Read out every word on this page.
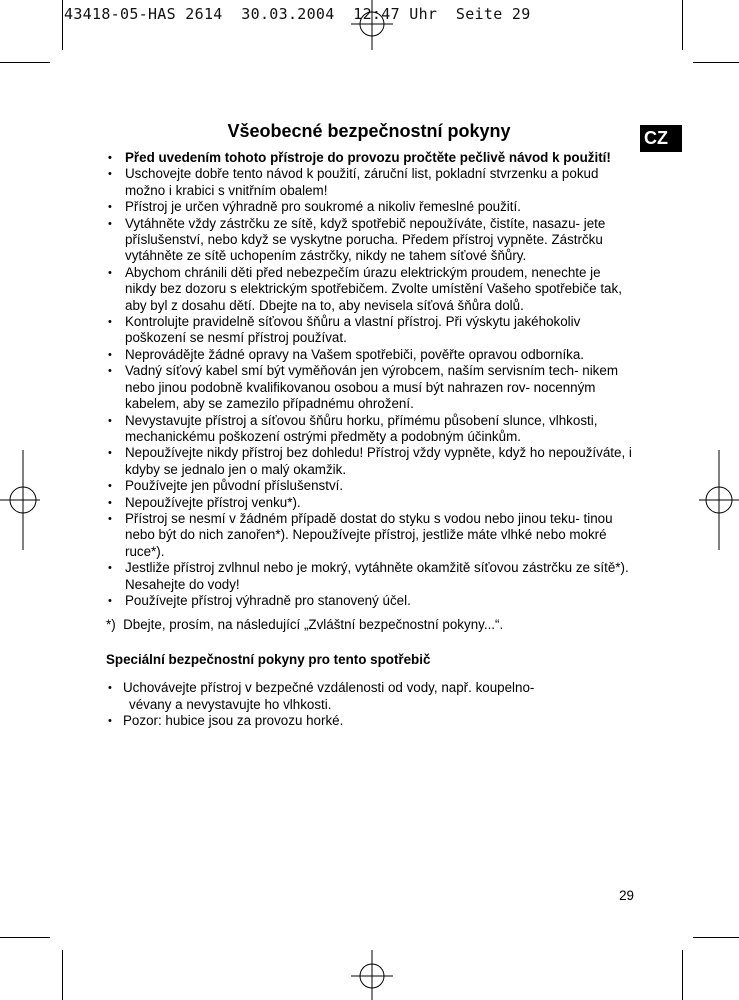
43418-05-HAS 2614  30.03.2004  12:47 Uhr  Seite 29
CZ
Všeobecné bezpečnostní pokyny
• Před uvedením tohoto přístroje do provozu pročtěte pečlivě návod k použití!
• Uschovejte dobře tento návod k použití, záruční list, pokladní stvrzenku a pokud možno i krabici s vnitřním obalem!
• Přístroj je určen výhradně pro soukromé a nikoliv řemeslné použití.
• Vytáhněte vždy zástrčku ze sítě, když spotřebič nepoužíváte, čistíte, nasazu- jete příslušenství, nebo když se vyskytne porucha. Předem přístroj vypněte. Zástrčku vytáhněte ze sítě uchopením zástrčky, nikdy ne tahem síťové šňůry.
• Abychom chránili děti před nebezpečím úrazu elektrickým proudem, nenechte je nikdy bez dozoru s elektrickým spotřebičem. Zvolte umístění Vašeho spotřebiče tak, aby byl z dosahu dětí. Dbejte na to, aby nevisela síťová šňůra dolů.
• Kontrolujte pravidelně síťovou šňůru a vlastní přístroj. Při výskytu jakéhokoliv poškození se nesmí přístroj používat.
• Neprovádějte žádné opravy na Vašem spotřebiči, pověřte opravou odborníka.
• Vadný síťový kabel smí být vyměňován jen výrobcem, naším servisním tech- nikem nebo jinou podobně kvalifikovanou osobou a musí být nahrazen rov- nocenným kabelem, aby se zamezilo případnému ohrožení.
• Nevystavujte přístroj a síťovou šňůru horku, přímému působení slunce, vlhkosti, mechanickému poškození ostrými předměty a podobným účinkům.
• Nepoužívejte nikdy přístroj bez dohledu! Přístroj vždy vypněte, když ho nepoužíváte, i kdyby se jednalo jen o malý okamžik.
• Používejte jen původní příslušenství.
• Nepoužívejte přístroj venku*).
• Přístroj se nesmí v žádném případě dostat do styku s vodou nebo jinou teku- tinou nebo být do nich zanořen*). Nepoužívejte přístroj, jestliže máte vlhké nebo mokré ruce*).
• Jestliže přístroj zvlhnul nebo je mokrý, vytáhněte okamžitě síťovou zástrčku ze sítě*). Nesahejte do vody!
• Používejte přístroj výhradně pro stanovený účel.
*)  Dbejte, prosím, na následující „Zvláštní bezpečnostní pokyny...“.
Speciální bezpečnostní pokyny pro tento spotřebič
• Uchovávejte přístroj v bezpečné vzdálenosti od vody, např. koupelno-
vévany a nevystavujte ho vlhkosti.
• Pozor: hubice jsou za provozu horké.
29
